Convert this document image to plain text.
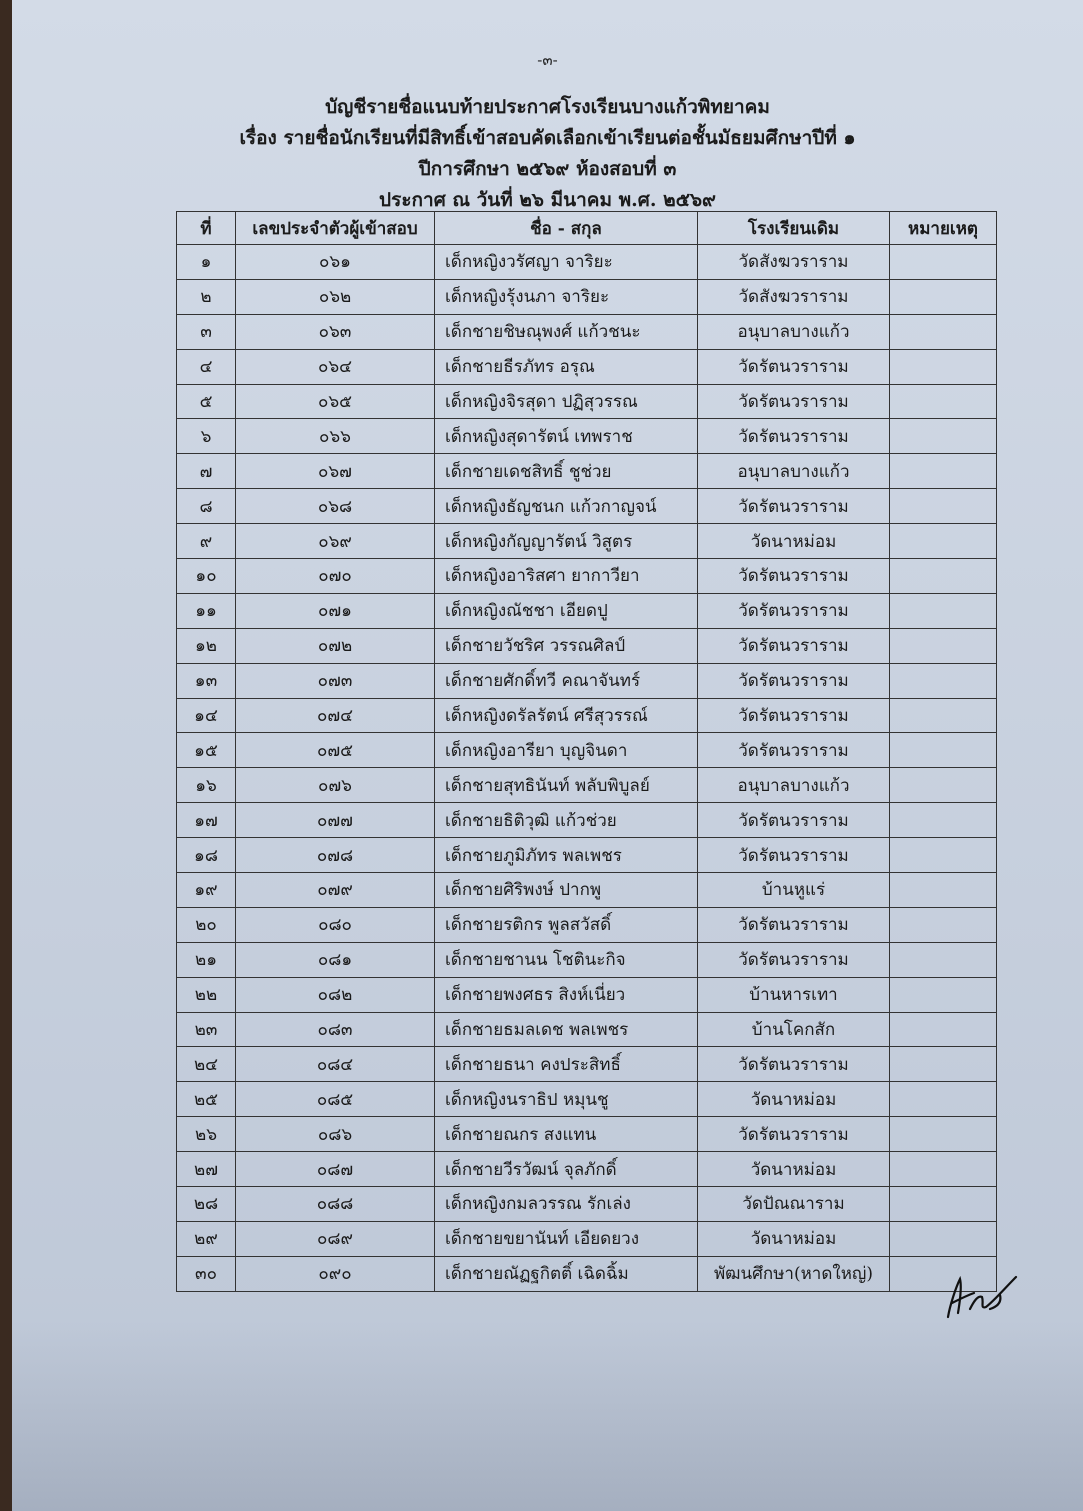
-๓-
บัญชีรายชื่อแนบท้ายประกาศโรงเรียนบางแก้วพิทยาคม
เรื่อง รายชื่อนักเรียนที่มีสิทธิ์เข้าสอบคัดเลือกเข้าเรียนต่อชั้นมัธยมศึกษาปีที่ ๑
ปีการศึกษา ๒๕๖๙ ห้องสอบที่ ๓
ประกาศ ณ วันที่ ๒๖ มีนาคม พ.ศ. ๒๕๖๙
ที่	เลขประจำตัวผู้เข้าสอบ	ชื่อ - สกุล	โรงเรียนเดิม	หมายเหตุ
๑	๐๖๑	เด็กหญิงวรัศญา จาริยะ	วัดสังฆวราราม	
๒	๐๖๒	เด็กหญิงรุ้งนภา จาริยะ	วัดสังฆวราราม	
๓	๐๖๓	เด็กชายชิษณุพงศ์ แก้วชนะ	อนุบาลบางแก้ว	
๔	๐๖๔	เด็กชายธีรภัทร อรุณ	วัดรัตนวราราม	
๕	๐๖๕	เด็กหญิงจิรสุดา ปฏิสุวรรณ	วัดรัตนวราราม	
๖	๐๖๖	เด็กหญิงสุดารัตน์ เทพราช	วัดรัตนวราราม	
๗	๐๖๗	เด็กชายเดชสิทธิ์ ชูช่วย	อนุบาลบางแก้ว	
๘	๐๖๘	เด็กหญิงธัญชนก แก้วกาญจน์	วัดรัตนวราราม	
๙	๐๖๙	เด็กหญิงกัญญารัตน์ วิสูตร	วัดนาหม่อม	
๑๐	๐๗๐	เด็กหญิงอาริสศา ยากาวียา	วัดรัตนวราราม	
๑๑	๐๗๑	เด็กหญิงณัชชา เอียดปู	วัดรัตนวราราม	
๑๒	๐๗๒	เด็กชายวัชริศ วรรณศิลป์	วัดรัตนวราราม	
๑๓	๐๗๓	เด็กชายศักดิ์ทวี คณาจันทร์	วัดรัตนวราราม	
๑๔	๐๗๔	เด็กหญิงดรัลรัตน์ ศรีสุวรรณ์	วัดรัตนวราราม	
๑๕	๐๗๕	เด็กหญิงอารียา บุญจินดา	วัดรัตนวราราม	
๑๖	๐๗๖	เด็กชายสุทธินันท์ พลับพิบูลย์	อนุบาลบางแก้ว	
๑๗	๐๗๗	เด็กชายธิติวุฒิ แก้วช่วย	วัดรัตนวราราม	
๑๘	๐๗๘	เด็กชายภูมิภัทร พลเพชร	วัดรัตนวราราม	
๑๙	๐๗๙	เด็กชายศิริพงษ์ ปากพู	บ้านหูแร่	
๒๐	๐๘๐	เด็กชายรติกร พูลสวัสดิ์	วัดรัตนวราราม	
๒๑	๐๘๑	เด็กชายชานน โชตินะกิจ	วัดรัตนวราราม	
๒๒	๐๘๒	เด็กชายพงศธร สิงห์เนี่ยว	บ้านหารเทา	
๒๓	๐๘๓	เด็กชายธมลเดช พลเพชร	บ้านโคกสัก	
๒๔	๐๘๔	เด็กชายธนา คงประสิทธิ์	วัดรัตนวราราม	
๒๕	๐๘๕	เด็กหญิงนราธิป หมุนชู	วัดนาหม่อม	
๒๖	๐๘๖	เด็กชายณกร สงแทน	วัดรัตนวราราม	
๒๗	๐๘๗	เด็กชายวีรวัฒน์ จุลภักดิ์	วัดนาหม่อม	
๒๘	๐๘๘	เด็กหญิงกมลวรรณ รักเล่ง	วัดปัณณาราม	
๒๙	๐๘๙	เด็กชายขยานันท์ เอียดยวง	วัดนาหม่อม	
๓๐	๐๙๐	เด็กชายณัฏฐกิตติ์ เฉิดฉิ้ม	พัฒนศึกษา(หาดใหญ่)	
